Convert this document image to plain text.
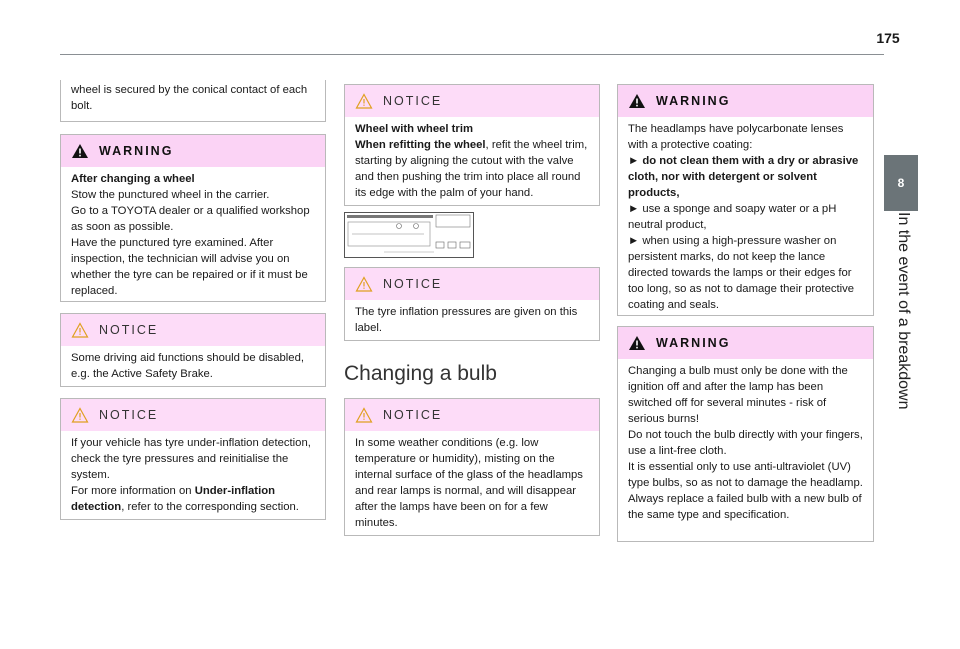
175
8
In the event of a breakdown

wheel is secured by the conical contact of each bolt.

WARNING

After changing a wheel

Stow the punctured wheel in the carrier.

Go to a TOYOTA dealer or a qualified workshop as soon as possible.

Have the punctured tyre examined. After inspection, the technician will advise you on whether the tyre can be repaired or if it must be replaced.

NOTICE

Some driving aid functions should be disabled, e.g. the Active Safety Brake.

NOTICE

If your vehicle has tyre under-inflation detection, check the tyre pressures and reinitialise the system.

For more information on Under-inflation detection, refer to the corresponding section.

NOTICE

Wheel with wheel trim

When refitting the wheel, refit the wheel trim, starting by aligning the cutout with the valve and then pushing the trim into place all round its edge with the palm of your hand.

NOTICE

The tyre inflation pressures are given on this label.

Changing a bulb
NOTICE

In some weather conditions (e.g. low temperature or humidity), misting on the internal surface of the glass of the headlamps and rear lamps is normal, and will disappear after the lamps have been on for a few minutes.

WARNING

The headlamps have polycarbonate lenses with a protective coating:

► do not clean them with a dry or abrasive cloth, nor with detergent or solvent products,

► use a sponge and soapy water or a pH neutral product,

► when using a high-pressure washer on persistent marks, do not keep the lance directed towards the lamps or their edges for too long, so as not to damage their protective coating and seals.

WARNING

Changing a bulb must only be done with the ignition off and after the lamp has been switched off for several minutes - risk of serious burns!

Do not touch the bulb directly with your fingers, use a lint-free cloth.

It is essential only to use anti-ultraviolet (UV) type bulbs, so as not to damage the headlamp.

Always replace a failed bulb with a new bulb of the same type and specification.
